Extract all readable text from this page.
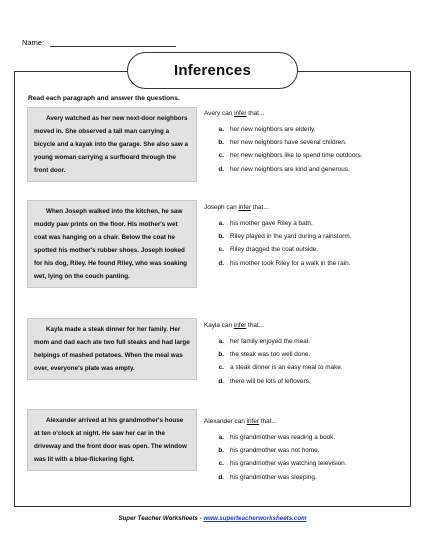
Name:
Inferences
Read each paragraph and answer the questions.
Avery watched as her new next-door neighbors moved in. She observed a tall man carrying a bicycle and a kayak into the garage. She also saw a young woman carrying a surfboard through the front door.
Avery can infer that...
a. her new neighbors are elderly.
b. her new neighbors have several children.
c. her new neighbors like to spend time outdoors.
d. her new neighbors are kind and generous.
When Joseph walked into the kitchen, he saw muddy paw prints on the floor. His mother's wet coat was hanging on a chair. Below the coat he spotted his mother's rubber shoes. Joseph looked for his dog, Riley. He found Riley, who was soaking wet, lying on the couch panting.
Joseph can infer that...
a. his mother gave Riley a bath.
b. Riley played in the yard during a rainstorm.
c. Riley dragged the coat outside.
d. his mother took Riley for a walk in the rain.
Kayla made a steak dinner for her family. Her mom and dad each ate two full steaks and had large helpings of mashed potatoes. When the meal was over, everyone's plate was empty.
Kayla can infer that...
a. her family enjoyed the meal.
b. the steak was too well done.
c. a steak dinner is an easy meal to make.
d. there will be lots of leftovers.
Alexander arrived at his grandmother's house at ten o'clock at night. He saw her car in the driveway and the front door was open. The window was lit with a blue-flickering light.
Alexander can infer that...
a. his grandmother was reading a book.
b. his grandmother was not home.
c. his grandmother was watching television.
d. his grandmother was sleeping.
Super Teacher Worksheets - www.superteacherworksheets.com
